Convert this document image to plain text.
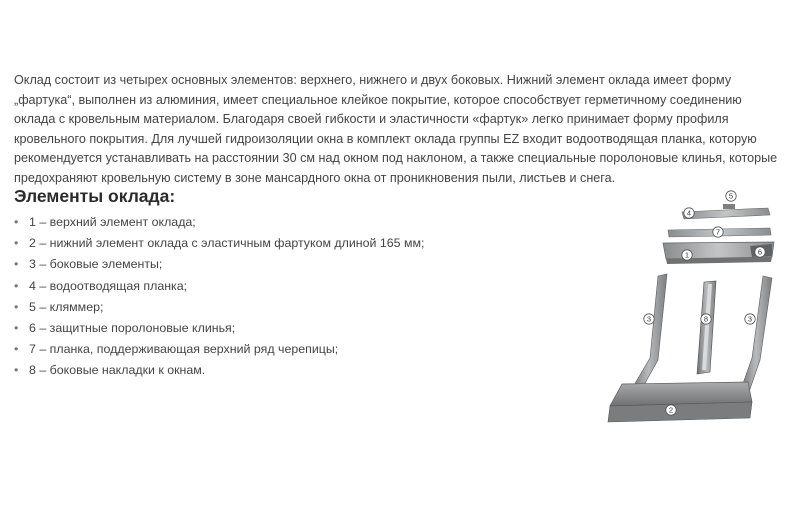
Оклад состоит из четырех основных элементов: верхнего, нижнего и двух боковых. Нижний элемент оклада имеет форму „фартука“, выполнен из алюминия, имеет специальное клейкое покрытие, которое способствует герметичному соединению оклада с кровельным материалом. Благодаря своей гибкости и эластичности «фартук» легко принимает форму профиля кровельного покрытия. Для лучшей гидроизоляции окна в комплект оклада группы EZ входит водоотводящая планка, которую рекомендуется устанавливать на расстоянии 30 см над окном под наклоном, а также специальные поролоновые клинья, которые предохраняют кровельную систему в зоне мансардного окна от проникновения пыли, листьев и снега.

Элементы оклада:
• 1 – верхний элемент оклада;
• 2 – нижний элемент оклада с эластичным фартуком длиной 165 мм;
• 3 – боковые элементы;
• 4 – водоотводящая планка;
• 5 – кляммер;
• 6 – защитные поролоновые клинья;
• 7 – планка, поддерживающая верхний ряд черепицы;
• 8 – боковые накладки к окнам.
5
4
7
1	6
3	8	3
2
